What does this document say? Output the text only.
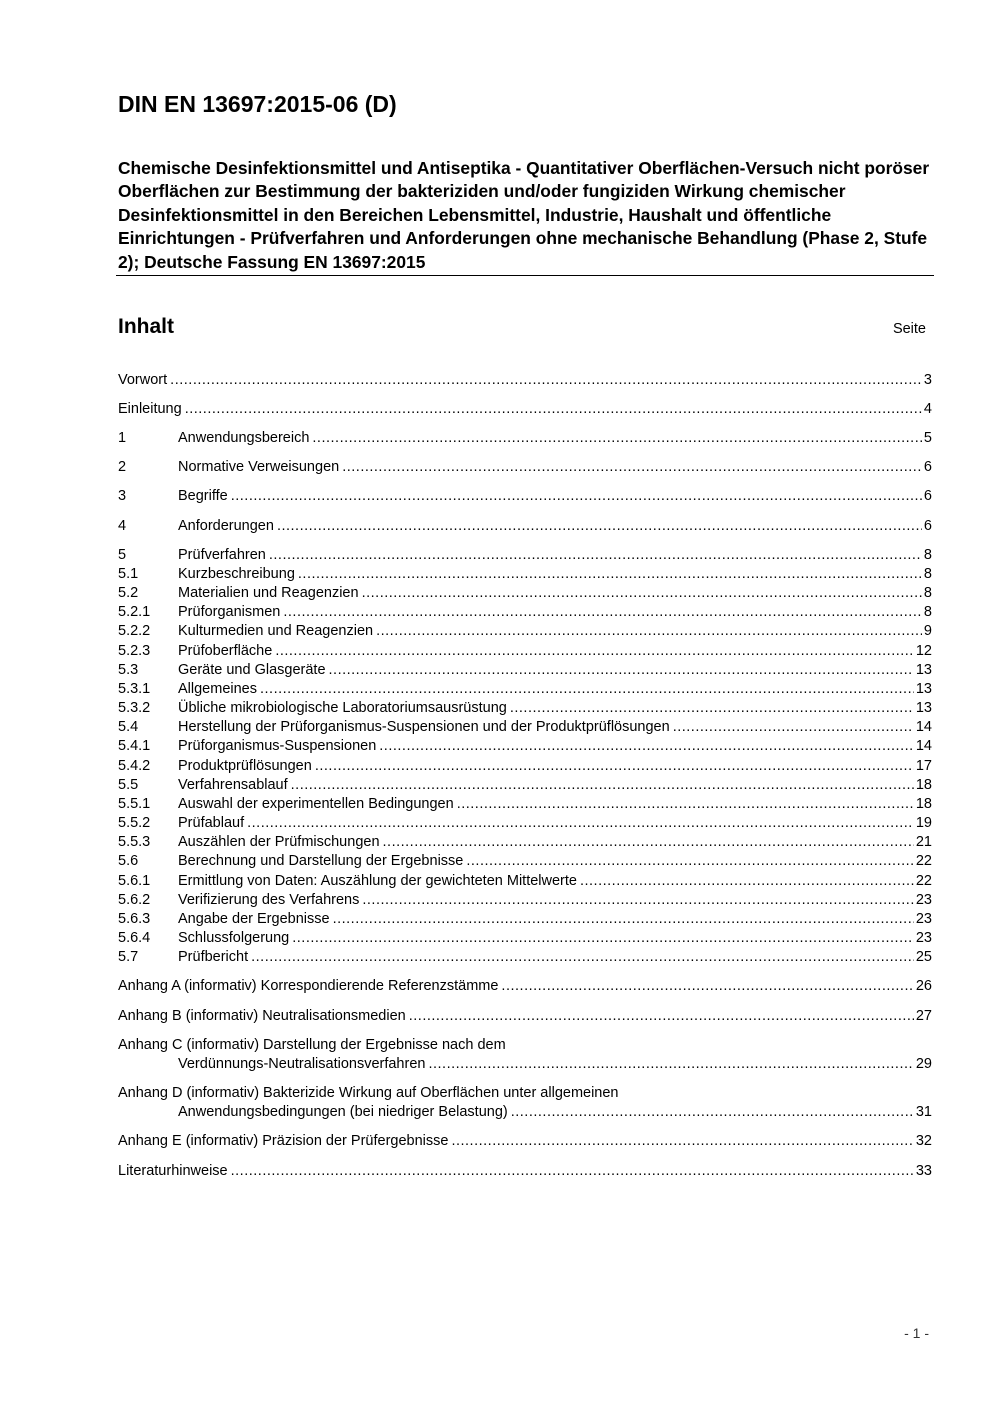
DIN EN 13697:2015-06 (D)

Chemische Desinfektionsmittel und Antiseptika - Quantitativer Oberflächen-Versuch nicht poröser Oberflächen zur Bestimmung der bakteriziden und/oder fungiziden Wirkung chemischer Desinfektionsmittel in den Bereichen Lebensmittel, Industrie, Haushalt und öffentliche Einrichtungen - Prüfverfahren und Anforderungen ohne mechanische Behandlung (Phase 2, Stufe 2); Deutsche Fassung EN 13697:2015

Inhalt	Seite
Vorwort .....	3
Einleitung .....	4
1	Anwendungsbereich .....	5
2	Normative Verweisungen .....	6
3	Begriffe .....	6
4	Anforderungen .....	6
5	Prüfverfahren .....	8
5.1	Kurzbeschreibung .....	8
5.2	Materialien und Reagenzien .....	8
5.2.1 Prüforganismen .....	8
5.2.2 Kulturmedien und Reagenzien .....	9
5.2.3 Prüfoberfläche .....	12
5.3	Geräte und Glasgeräte .....	13
5.3.1 Allgemeines .....	13
5.3.2 Übliche mikrobiologische Laboratoriumsausrüstung .....	13
5.4	Herstellung der Prüforganismus-Suspensionen und der Produktprüflösungen .....	14
5.4.1 Prüforganismus-Suspensionen .....	14
5.4.2 Produktprüflösungen .....	17
5.5	Verfahrensablauf .....	18
5.5.1 Auswahl der experimentellen Bedingungen .....	18
5.5.2 Prüfablauf .....	19
5.5.3 Auszählen der Prüfmischungen .....	21
5.6	Berechnung und Darstellung der Ergebnisse .....	22
5.6.1 Ermittlung von Daten: Auszählung der gewichteten Mittelwerte .....	22
5.6.2 Verifizierung des Verfahrens .....	23
5.6.3 Angabe der Ergebnisse .....	23
5.6.4 Schlussfolgerung .....	23
5.7	Prüfbericht .....	25
Anhang A (informativ) Korrespondierende Referenzstämme .....	26
Anhang B (informativ) Neutralisationsmedien .....	27
Anhang C (informativ) Darstellung der Ergebnisse nach dem
Verdünnungs-Neutralisationsverfahren .....	29
Anhang D (informativ) Bakterizide Wirkung auf Oberflächen unter allgemeinen
Anwendungsbedingungen (bei niedriger Belastung) .....	31
Anhang E (informativ) Präzision der Prüfergebnisse .....	32
Literaturhinweise .....	33
- 1 -
